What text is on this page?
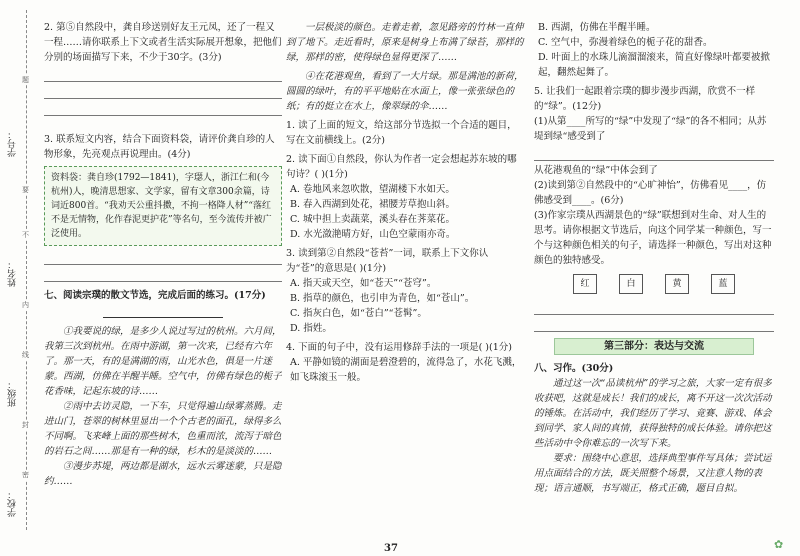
学号：
姓名：
班级：
学校：
题
要
不
内
线
封
密

2. 第⑤自然段中，龚自珍送别好友王元凤，还了一程又一程……请你联系上下文或者生活实际展开想象，把他们分别的场面描写下来，不少于30字。(3分)

3. 联系短文内容，结合下面资料袋，请评价龚自珍的人物形象，先亮观点再说理由。(4分)

资料袋：龚自珍(1792—1841)，字璱人，浙江仁和(今杭州)人，晚清思想家、文学家，留有文章300余篇，诗词近800首。“我劝天公重抖擞，不拘一格降人材”“落红不是无情物，化作春泥更护花”等名句，至今流传并被广泛使用。

七、阅读宗璞的散文节选，完成后面的练习。(17分)

①我要说的绿，是多少人说过写过的杭州。六月间，我第三次到杭州。在雨中游湖，第一次来，已经有六年了。那一天，有的是满湖的雨，山光水色，俱是一片迷蒙。西湖，仿佛在半醒半睡。空气中，仿佛有绿色的栀子花香味，记起东坡的诗……

②雨中去访灵隐，一下车，只觉得遍山绿雾蒸腾。走进山门，苍翠的树林里显出一个个古老的面孔，绿得多么不同啊。飞来峰上面的那些树木，色重而浓，流泻于暗色的岩石之间……那是有一种的绿，杉木的是淡淡的……

③漫步苏堤，两边都是湖水，远水云雾迷蒙，只是隐约……

一层极淡的颜色。走着走着，忽见路旁的竹林一直伸到了地下。走近看时，原来是树身上布满了绿苔，那样的绿，那样的密，使得绿色显得更深了……

④在花港观鱼，看到了一大片绿。那是满池的新荷，圆圆的绿叶，有的平平地贴在水面上，像一张张绿色的纸；有的挺立在水上，像翠绿的伞……

1. 读了上面的短文，给这部分节选拟一个合适的题目，写在文前横线上。(2分)

2. 读下面①自然段，你认为作者一定会想起苏东坡的哪句诗？( )(1分)

A. 卷地风来忽吹散，望湖楼下水如天。

B. 春入西湖到处花，裙腰芳草抱山斜。

C. 城中担上卖蔬菜，溪头春在荠菜花。

D. 水光潋滟晴方好，山色空蒙雨亦奇。

3. 读到第②自然段“苍苔”一词，联系上下文你认为“苍”的意思是( )(1分)

A. 指天或天空，如“苍天”“苍穹”。

B. 指草的颜色，也引申为青色，如“苍山”。

C. 指灰白色，如“苍白”“苍髯”。

D. 指姓。

4. 下面的句子中，没有运用修辞手法的一项是( )(1分)

A. 平静如镜的湖面是碧澄碧的，流得急了，水花飞溅，如飞珠滚玉一般。

B. 西湖，仿佛在半醒半睡。

C. 空气中，弥漫着绿色的栀子花的甜香。

D. 叶面上的水珠儿滴溜溜滚来，简直好像绿叶都要被掀起，翻然起舞了。

5. 让我们一起跟着宗璞的脚步漫步西湖，欣赏不一样的“绿”。(12分)

(1)从第____所写的“绿”中发现了“绿”的各不相同；从苏堤到绿“感受到了

从花港观鱼的“绿”中体会到了

(2)读到第②自然段中的“心旷神怡”，仿佛看见____，仿佛感受到____。(6分)

(3)作家宗璞从西湖景色的“绿”联想到对生命、对人生的思考。请你根据文节选后，向这个同学某一种颜色，写一个与这种颜色相关的句子，请选择一种颜色，写出对这种颜色的独特感受。

红	白	黄	蓝
第三部分：表达与交流

八、习作。(30分)

通过这一次“品读杭州”的学习之旅，大家一定有很多收获吧，这就是成长！我们的成长，离不开这一次次活动的锤炼。在活动中，我们经历了学习、竞赛、游戏、体会到同学、家人间的真情，获得独特的成长体验。请你把这些活动中令你难忘的一次写下来。

要求：围绕中心意思，选择典型事件写具体；尝试运用点面结合的方法，既关照整个场景，又注意人物的表现；语言通顺，书写端正，格式正确，题目自拟。

37	✿
